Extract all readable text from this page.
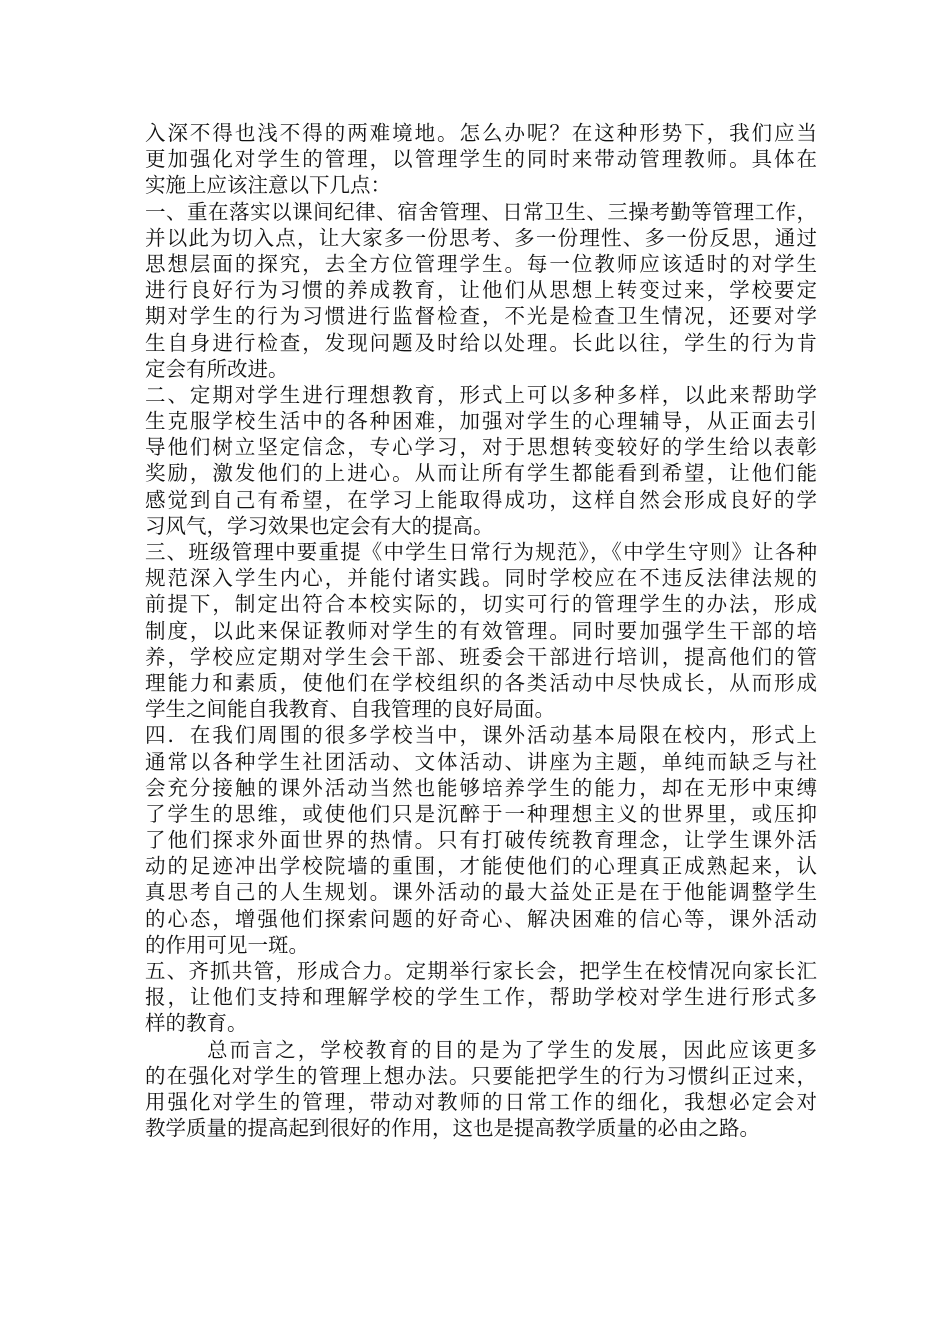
入深不得也浅不得的两难境地。怎么办呢？在这种形势下，我们应当
更加强化对学生的管理，以管理学生的同时来带动管理教师。具体在
实施上应该注意以下几点：
一、重在落实以课间纪律、宿舍管理、日常卫生、三操考勤等管理工作，
并以此为切入点，让大家多一份思考、多一份理性、多一份反思，通过
思想层面的探究，去全方位管理学生。每一位教师应该适时的对学生
进行良好行为习惯的养成教育，让他们从思想上转变过来，学校要定
期对学生的行为习惯进行监督检查，不光是检查卫生情况，还要对学
生自身进行检查，发现问题及时给以处理。长此以往，学生的行为肯
定会有所改进。
二、定期对学生进行理想教育，形式上可以多种多样，以此来帮助学
生克服学校生活中的各种困难，加强对学生的心理辅导，从正面去引
导他们树立坚定信念，专心学习，对于思想转变较好的学生给以表彰
奖励，激发他们的上进心。从而让所有学生都能看到希望，让他们能
感觉到自己有希望，在学习上能取得成功，这样自然会形成良好的学
习风气，学习效果也定会有大的提高。
三、班级管理中要重提《中学生日常行为规范》，《中学生守则》让各种
规范深入学生内心，并能付诸实践。同时学校应在不违反法律法规的
前提下，制定出符合本校实际的，切实可行的管理学生的办法，形成
制度，以此来保证教师对学生的有效管理。同时要加强学生干部的培
养，学校应定期对学生会干部、班委会干部进行培训，提高他们的管
理能力和素质，使他们在学校组织的各类活动中尽快成长，从而形成
学生之间能自我教育、自我管理的良好局面。
四．在我们周围的很多学校当中，课外活动基本局限在校内，形式上
通常以各种学生社团活动、文体活动、讲座为主题，单纯而缺乏与社
会充分接触的课外活动当然也能够培养学生的能力，却在无形中束缚
了学生的思维，或使他们只是沉醉于一种理想主义的世界里，或压抑
了他们探求外面世界的热情。只有打破传统教育理念，让学生课外活
动的足迹冲出学校院墙的重围，才能使他们的心理真正成熟起来，认
真思考自己的人生规划。课外活动的最大益处正是在于他能调整学生
的心态，增强他们探索问题的好奇心、解决困难的信心等，课外活动
的作用可见一斑。
五、齐抓共管，形成合力。定期举行家长会，把学生在校情况向家长汇
报，让他们支持和理解学校的学生工作，帮助学校对学生进行形式多
样的教育。
总而言之，学校教育的目的是为了学生的发展，因此应该更多
的在强化对学生的管理上想办法。只要能把学生的行为习惯纠正过来，
用强化对学生的管理，带动对教师的日常工作的细化，我想必定会对
教学质量的提高起到很好的作用，这也是提高教学质量的必由之路。
